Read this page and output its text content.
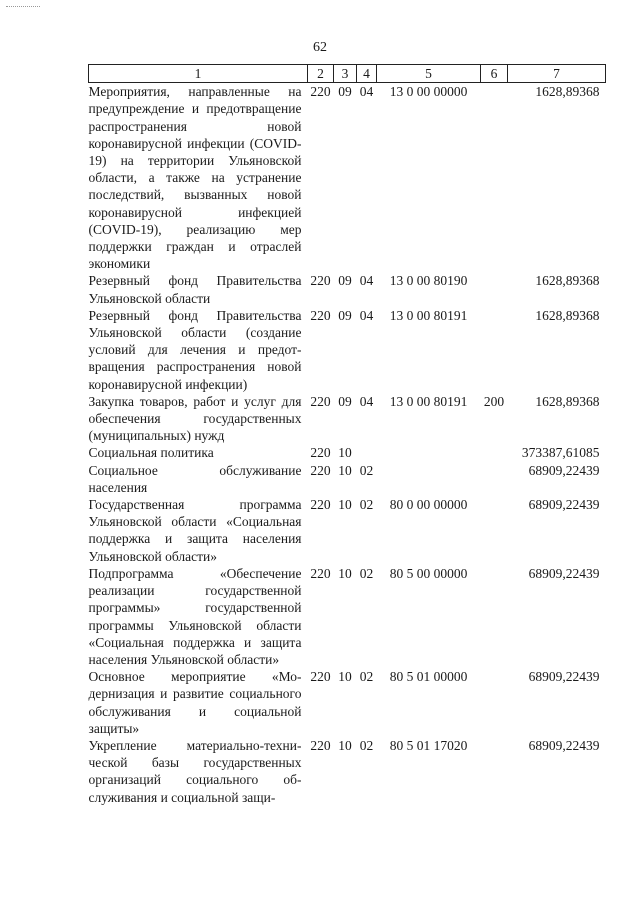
62
1	2	3	4	5	6	7
Мероприятия, направленные на предупреждение и предотвращение распространения новой коронавирусной инфекции (COVID-19) на территории Ульяновской области, а также на устранение последствий, вызванных новой коронавирусной инфекцией (COVID-19), реализацию мер поддержки граждан и отраслей экономики	220	09	04	13 0 00 00000		1628,89368
Резервный фонд Правительства Ульяновской области	220	09	04	13 0 00 80190		1628,89368
Резервный фонд Правительства Ульяновской области (создание условий для лечения и предотвращения распространения новой коронавирусной инфекции)	220	09	04	13 0 00 80191		1628,89368
Закупка товаров, работ и услуг для обеспечения государственных (муниципальных) нужд	220	09	04	13 0 00 80191	200	1628,89368
Социальная политика	220	10				373387,61085
Социальное обслуживание населения	220	10	02			68909,22439
Государственная программа Ульяновской области «Социальная поддержка и защита населения Ульяновской области»	220	10	02	80 0 00 00000		68909,22439
Подпрограмма «Обеспечение реализации государственной программы» государственной программы Ульяновской области «Социальная поддержка и защита населения Ульяновской области»	220	10	02	80 5 00 00000		68909,22439
Основное мероприятие «Модернизация и развитие социального обслуживания и социальной защиты»	220	10	02	80 5 01 00000		68909,22439
Укрепление материально-технической базы государственных организаций социального обслуживания и социальной защи-	220	10	02	80 5 01 17020		68909,22439
